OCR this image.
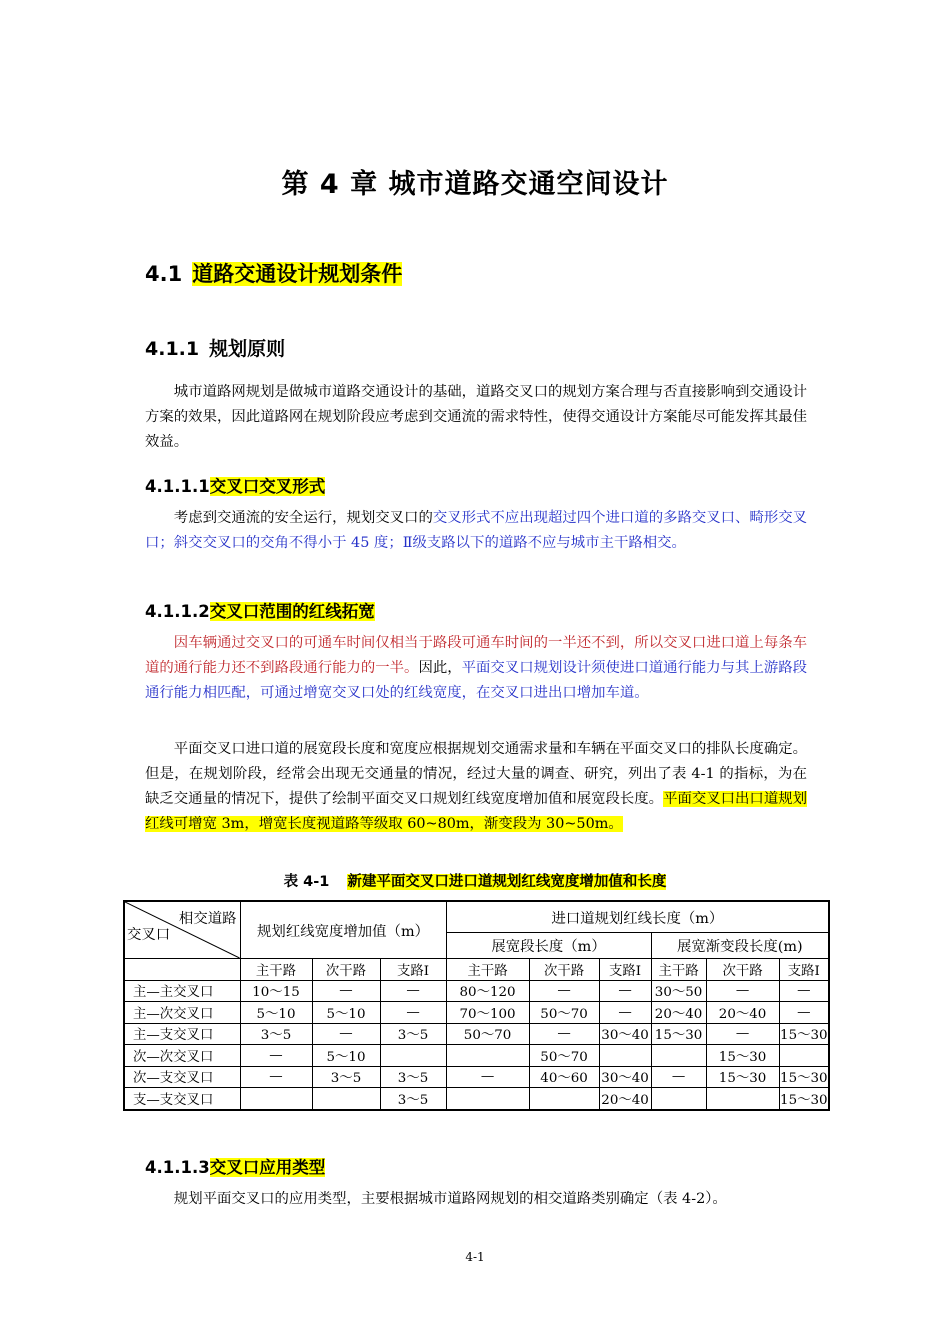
第 4 章 城市道路交通空间设计
4.1 道路交通设计规划条件
4.1.1 规划原则

城市道路网规划是做城市道路交通设计的基础，道路交叉口的规划方案合理与否直接影响到交通设计方案的效果，因此道路网在规划阶段应考虑到交通流的需求特性，使得交通设计方案能尽可能发挥其最佳效益。

4.1.1.1交叉口交叉形式

考虑到交通流的安全运行，规划交叉口的交叉形式不应出现超过四个进口道的多路交叉口、畸形交叉口；斜交交叉口的交角不得小于 45 度；Ⅱ级支路以下的道路不应与城市主干路相交。

4.1.1.2交叉口范围的红线拓宽

因车辆通过交叉口的可通车时间仅相当于路段可通车时间的一半还不到，所以交叉口进口道上每条车道的通行能力还不到路段通行能力的一半。因此，平面交叉口规划设计须使进口道通行能力与其上游路段通行能力相匹配，可通过增宽交叉口处的红线宽度，在交叉口进出口增加车道。

平面交叉口进口道的展宽段长度和宽度应根据规划交通需求量和车辆在平面交叉口的排队长度确定。但是，在规划阶段，经常会出现无交通量的情况，经过大量的调查、研究，列出了表 4-1 的指标，为在缺乏交通量的情况下，提供了绘制平面交叉口规划红线宽度增加值和展宽段长度。平面交叉口出口道规划红线可增宽 3m，增宽长度视道路等级取 60~80m，渐变段为 30~50m。

表 4-1 新建平面交叉口进口道规划红线宽度增加值和长度
相交道路
交叉口	规划红线宽度增加值（m）			进口道规划红线长度（m）					
				展宽段长度（m）			展宽渐变段长度(m)		
	主干路	次干路	支路Ⅰ	主干路	次干路	支路Ⅰ	主干路	次干路	支路Ⅰ
主—主交叉口	10～15	—	—	80～120	—	—	30～50	—	—
主—次交叉口	5～10	5～10	—	70～100	50～70	—	20～40	20～40	—
主—支交叉口	3～5	—	3～5	50～70	—	30～40	15～30	—	15～30
次—次交叉口	—	5～10			50～70			15～30	
次—支交叉口	—	3～5	3～5	—	40～60	30～40	—	15～30	15～30
支—支交叉口			3～5			20～40			15～30
4.1.1.3交叉口应用类型

规划平面交叉口的应用类型，主要根据城市道路网规划的相交道路类别确定（表 4-2）。

4-1
